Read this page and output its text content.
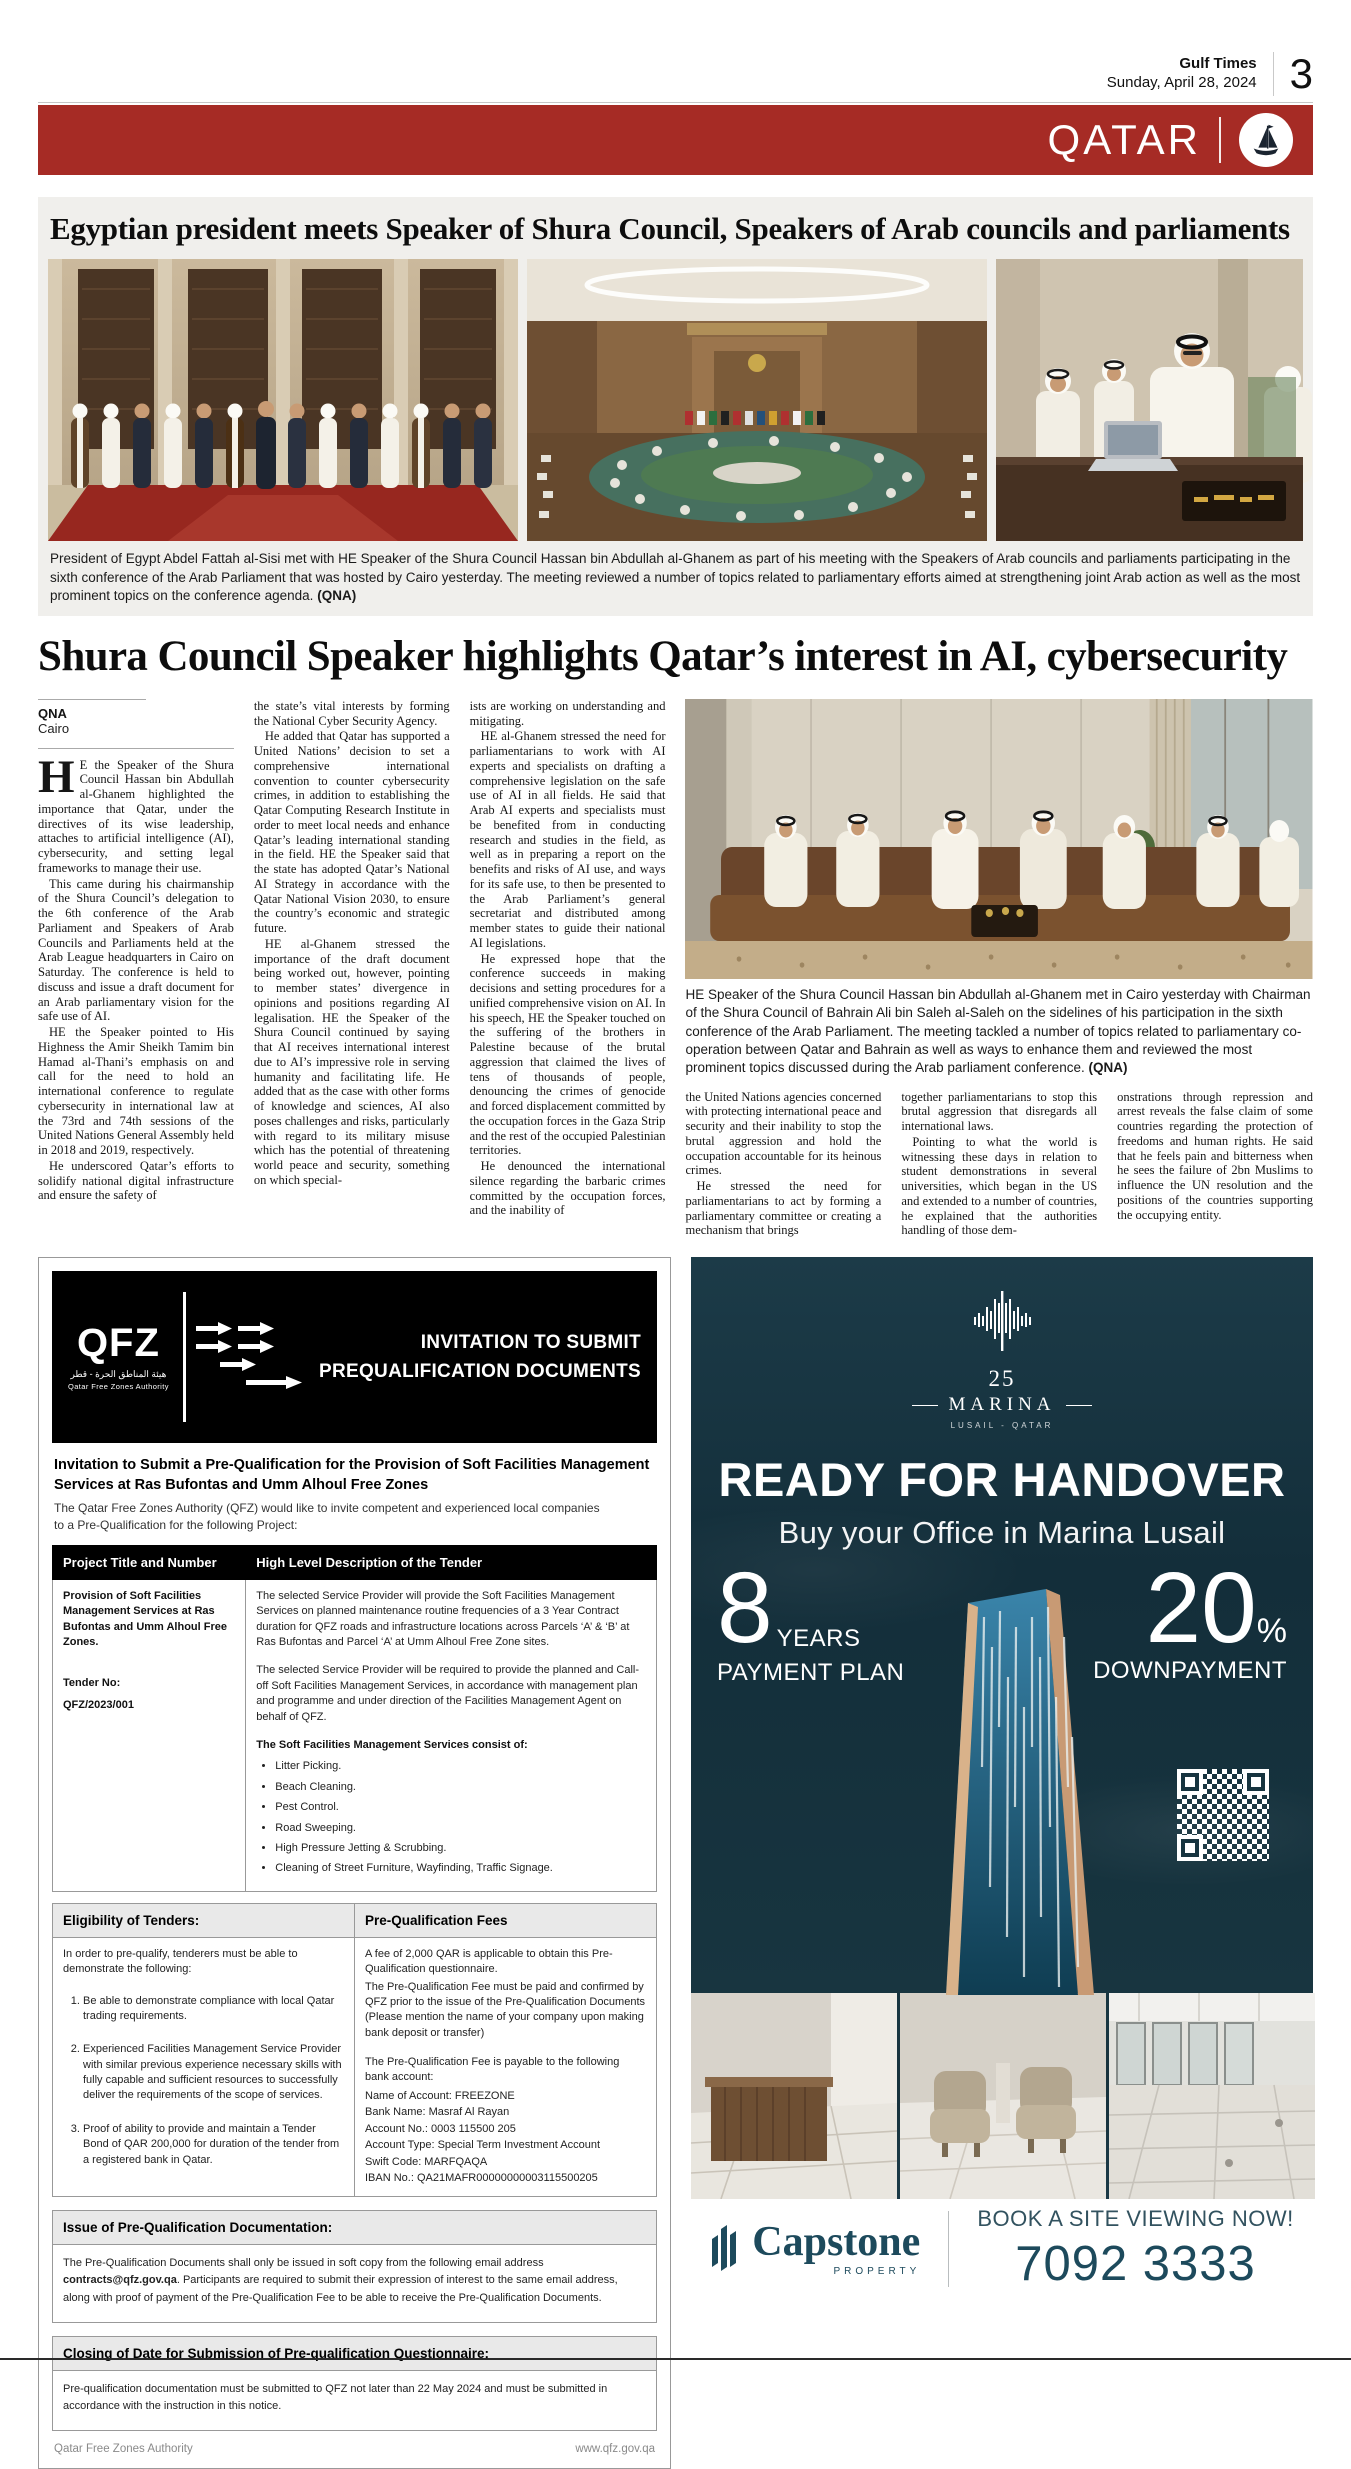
Gulf Times
Sunday, April 28, 2024 3
QATAR
Egyptian president meets Speaker of Shura Council, Speakers of Arab councils and parliaments
President of Egypt Abdel Fattah al-Sisi met with HE Speaker of the Shura Council Hassan bin Abdullah al-Ghanem as part of his meeting with the Speakers of Arab councils and parliaments participating in the sixth conference of the Arab Parliament that was hosted by Cairo yesterday. The meeting reviewed a number of topics related to parliamentary efforts aimed at strengthening joint Arab action as well as the most prominent topics on the conference agenda. (QNA)
Shura Council Speaker highlights Qatar’s interest in AI, cybersecurity
QNA
Cairo

HE the Speaker of the Shura Council Hassan bin Abdullah al-Ghanem highlighted the importance that Qatar, under the directives of its wise leadership, attaches to artificial intelligence (AI), cybersecurity, and setting legal frameworks to manage their use.

This came during his chairmanship of the Shura Council’s delegation to the 6th conference of the Arab Parliament and Speakers of Arab Councils and Parliaments held at the Arab League headquarters in Cairo on Saturday. The conference is held to discuss and issue a draft document for an Arab parliamentary vision for the safe use of AI.

HE the Speaker pointed to His Highness the Amir Sheikh Tamim bin Hamad al-Thani’s emphasis on and call for the need to hold an international conference to regulate cybersecurity in international law at the 73rd and 74th sessions of the United Nations General Assembly held in 2018 and 2019, respectively.

He underscored Qatar’s efforts to solidify national digital infrastructure and ensure the safety of

the state’s vital interests by forming the National Cyber Security Agency.

He added that Qatar has supported a United Nations’ decision to set a comprehensive international convention to counter cybersecurity crimes, in addition to establishing the Qatar Computing Research Institute in order to meet local needs and enhance Qatar’s leading international standing in the field. HE the Speaker said that the state has adopted Qatar’s National AI Strategy in accordance with the Qatar National Vision 2030, to ensure the country’s economic and strategic future.

HE al-Ghanem stressed the importance of the draft document being worked out, however, pointing to member states’ divergence in opinions and positions regarding AI legalisation. HE the Speaker of the Shura Council continued by saying that AI receives international interest due to AI’s impressive role in serving humanity and facilitating life. He added that as the case with other forms of knowledge and sciences, AI also poses challenges and risks, particularly with regard to its military misuse which has the potential of threatening world peace and security, something on which special-

ists are working on understanding and mitigating.

HE al-Ghanem stressed the need for parliamentarians to work with AI experts and specialists on drafting a comprehensive legislation on the safe use of AI in all fields. He said that Arab AI experts and specialists must be benefited from in conducting research and studies in the field, as well as in preparing a report on the benefits and risks of AI use, and ways for its safe use, to then be presented to the Arab Parliament’s general secretariat and distributed among member states to guide their national AI legislations.

He expressed hope that the conference succeeds in making decisions and setting procedures for a unified comprehensive vision on AI. In his speech, HE the Speaker touched on the suffering of the brothers in Palestine because of the brutal aggression that claimed the lives of tens of thousands of people, denouncing the crimes of genocide and forced displacement committed by the occupation forces in the Gaza Strip and the rest of the occupied Palestinian territories.

He denounced the international silence regarding the barbaric crimes committed by the occupation forces, and the inability of

HE Speaker of the Shura Council Hassan bin Abdullah al-Ghanem met in Cairo yesterday with Chairman of the Shura Council of Bahrain Ali bin Saleh al-Saleh on the sidelines of his participation in the sixth conference of the Arab Parliament. The meeting tackled a number of topics related to parliamentary co-operation between Qatar and Bahrain as well as ways to enhance them and reviewed the most prominent topics discussed during the Arab parliament conference. (QNA)

the United Nations agencies concerned with protecting international peace and security and their inability to stop the brutal aggression and hold the occupation accountable for its heinous crimes.

He stressed the need for parliamentarians to act by forming a parliamentary committee or creating a mechanism that brings

together parliamentarians to stop this brutal aggression that disregards all international laws.

Pointing to what the world is witnessing these days in relation to student demonstrations in several universities, which began in the US and extended to a number of countries, he explained that the authorities handling of those dem-

onstrations through repression and arrest reveals the false claim of some countries regarding the protection of freedoms and human rights. He said that he feels pain and bitterness when he sees the failure of 2bn Muslims to influence the UN resolution and the positions of the countries supporting the occupying entity.

QFZ
هيئة المناطق الحرة - قطر
Qatar Free Zones Authority
INVITATION TO SUBMIT
PREQUALIFICATION DOCUMENTS
Invitation to Submit a Pre-Qualification for the Provision of Soft Facilities Management Services at Ras Bufontas and Umm Alhoul Free Zones
The Qatar Free Zones Authority (QFZ) would like to invite competent and experienced local companies to a Pre-Qualification for the following Project:
Project Title and Number	High Level Description of the Tender

Provision of Soft Facilities Management Services at Ras Bufontas and Umm Alhoul Free Zones.
Tender No:
QFZ/2023/001

The selected Service Provider will provide the Soft Facilities Management Services on planned maintenance routine frequencies of a 3 Year Contract duration for QFZ roads and infrastructure locations across Parcels ‘A’ & ‘B’ at Ras Bufontas and Parcel ‘A’ at Umm Alhoul Free Zone sites.

The selected Service Provider will be required to provide the planned and Call-off Soft Facilities Management Services, in accordance with management plan and programme and under direction of the Facilities Management Agent on behalf of QFZ.

The Soft Facilities Management Services consist of:
• Litter Picking.
• Beach Cleaning.
• Pest Control.
• Road Sweeping.
• High Pressure Jetting & Scrubbing.
• Cleaning of Street Furniture, Wayfinding, Traffic Signage.
Eligibility of Tenders:	Pre-Qualification Fees

In order to pre-qualify, tenderers must be able to demonstrate the following:

1. Be able to demonstrate compliance with local Qatar trading requirements.
2. Experienced Facilities Management Service Provider with similar previous experience necessary skills with fully capable and sufficient resources to successfully deliver the requirements of the scope of services.
3. Proof of ability to provide and maintain a Tender Bond of QAR 200,000 for duration of the tender from a registered bank in Qatar.

A fee of 2,000 QAR is applicable to obtain this Pre-Qualification questionnaire.

The Pre-Qualification Fee must be paid and confirmed by QFZ prior to the issue of the Pre-Qualification Documents (Please mention the name of your company upon making bank deposit or transfer)

The Pre-Qualification Fee is payable to the following bank account:

Name of Account: FREEZONE
Bank Name: Masraf Al Rayan
Account No.: 0003 115500 205
Account Type: Special Term Investment Account
Swift Code: MARFQAQA
IBAN No.: QA21MAFR00000000003115500205
Issue of Pre-Qualification Documentation:
The Pre-Qualification Documents shall only be issued in soft copy from the following email address contracts@qfz.gov.qa. Participants are required to submit their expression of interest to the same email address, along with proof of payment of the Pre-Qualification Fee to be able to receive the Pre-Qualification Documents.
Closing of Date for Submission of Pre-qualification Questionnaire:
Pre-qualification documentation must be submitted to QFZ not later than 22 May 2024 and must be submitted in accordance with the instruction in this notice.
Qatar Free Zones Authority	www.qfz.gov.qa
25
MARINA
LUSAIL - QATAR
READY FOR HANDOVER
Buy your Office in Marina Lusail
8 YEARS
PAYMENT PLAN
20%
DOWNPAYMENT
Capstone
PROPERTY
BOOK A SITE VIEWING NOW!
7092 3333
